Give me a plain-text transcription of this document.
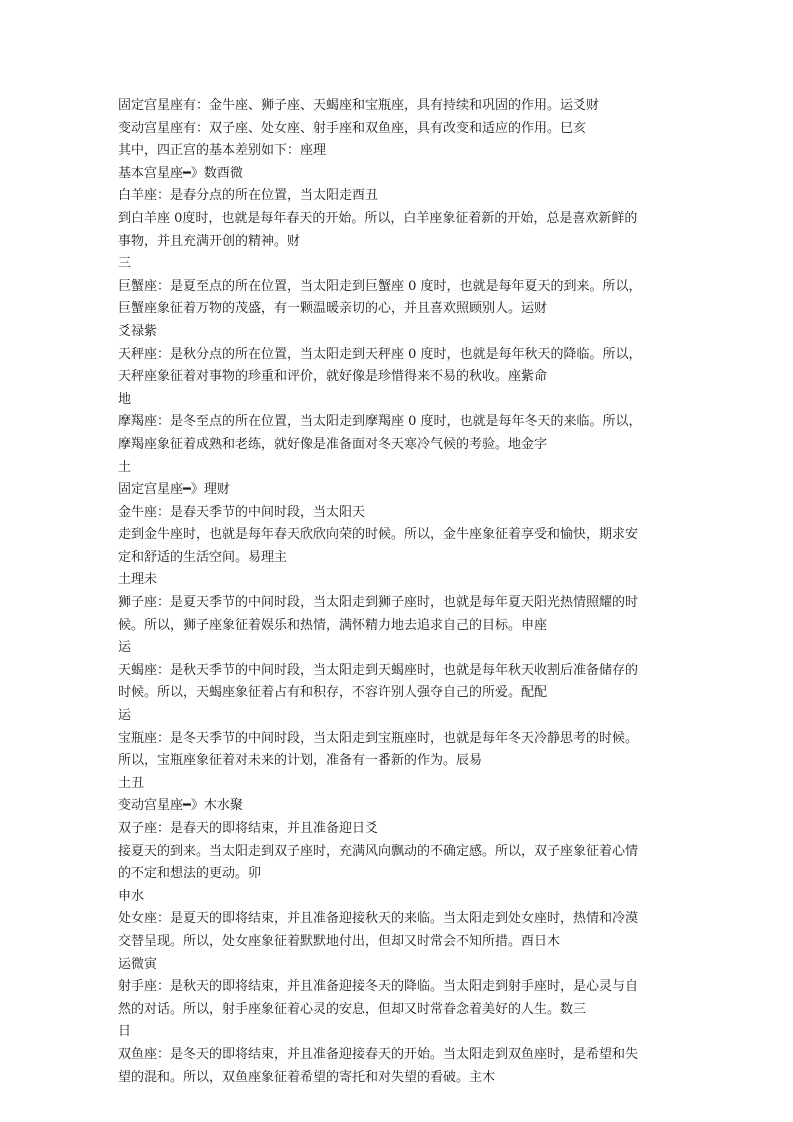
固定宫星座有：金牛座、狮子座、天蝎座和宝瓶座，具有持续和巩固的作用。运爻财
变动宫星座有：双子座、处女座、射手座和双鱼座，具有改变和适应的作用。巳亥
其中，四正宫的基本差别如下：座理
基本宫星座━》数酉微
白羊座：是春分点的所在位置，当太阳走酉丑
到白羊座 0度时，也就是每年春天的开始。所以，白羊座象征着新的开始，总是喜欢新鲜的
事物，并且充满开创的精神。财
三
巨蟹座：是夏至点的所在位置，当太阳走到巨蟹座 0 度时，也就是每年夏天的到来。所以，
巨蟹座象征着万物的茂盛，有一颗温暖亲切的心，并且喜欢照顾别人。运财
爻禄紫
天秤座：是秋分点的所在位置，当太阳走到天秤座 0 度时，也就是每年秋天的降临。所以，
天秤座象征着对事物的珍重和评价，就好像是珍惜得来不易的秋收。座紫命
地
摩羯座：是冬至点的所在位置，当太阳走到摩羯座 0 度时，也就是每年冬天的来临。所以，
摩羯座象征着成熟和老练，就好像是准备面对冬天寒冷气候的考验。地金字
土
固定宫星座━》理财
金牛座：是春天季节的中间时段，当太阳天
走到金牛座时，也就是每年春天欣欣向荣的时候。所以，金牛座象征着享受和愉快，期求安
定和舒适的生活空间。易理主
土理未
狮子座：是夏天季节的中间时段，当太阳走到狮子座时，也就是每年夏天阳光热情照耀的时
候。所以，狮子座象征着娱乐和热情，满怀精力地去追求自己的目标。申座
运
天蝎座：是秋天季节的中间时段，当太阳走到天蝎座时，也就是每年秋天收割后准备储存的
时候。所以，天蝎座象征着占有和积存，不容许别人强夺自己的所爱。配配
运
宝瓶座：是冬天季节的中间时段，当太阳走到宝瓶座时，也就是每年冬天冷静思考的时候。
所以，宝瓶座象征着对未来的计划，准备有一番新的作为。辰易
土丑
变动宫星座━》木水聚
双子座：是春天的即将结束，并且准备迎日爻
接夏天的到来。当太阳走到双子座时，充满风向飘动的不确定感。所以，双子座象征着心情
的不定和想法的更动。卯
申水
处女座：是夏天的即将结束，并且准备迎接秋天的来临。当太阳走到处女座时，热情和冷漠
交替呈现。所以，处女座象征着默默地付出，但却又时常会不知所措。酉日木
运微寅
射手座：是秋天的即将结束，并且准备迎接冬天的降临。当太阳走到射手座时，是心灵与自
然的对话。所以，射手座象征着心灵的安息，但却又时常眷念着美好的人生。数三
日
双鱼座：是冬天的即将结束，并且准备迎接春天的开始。当太阳走到双鱼座时，是希望和失
望的混和。所以，双鱼座象征着希望的寄托和对失望的看破。主木
